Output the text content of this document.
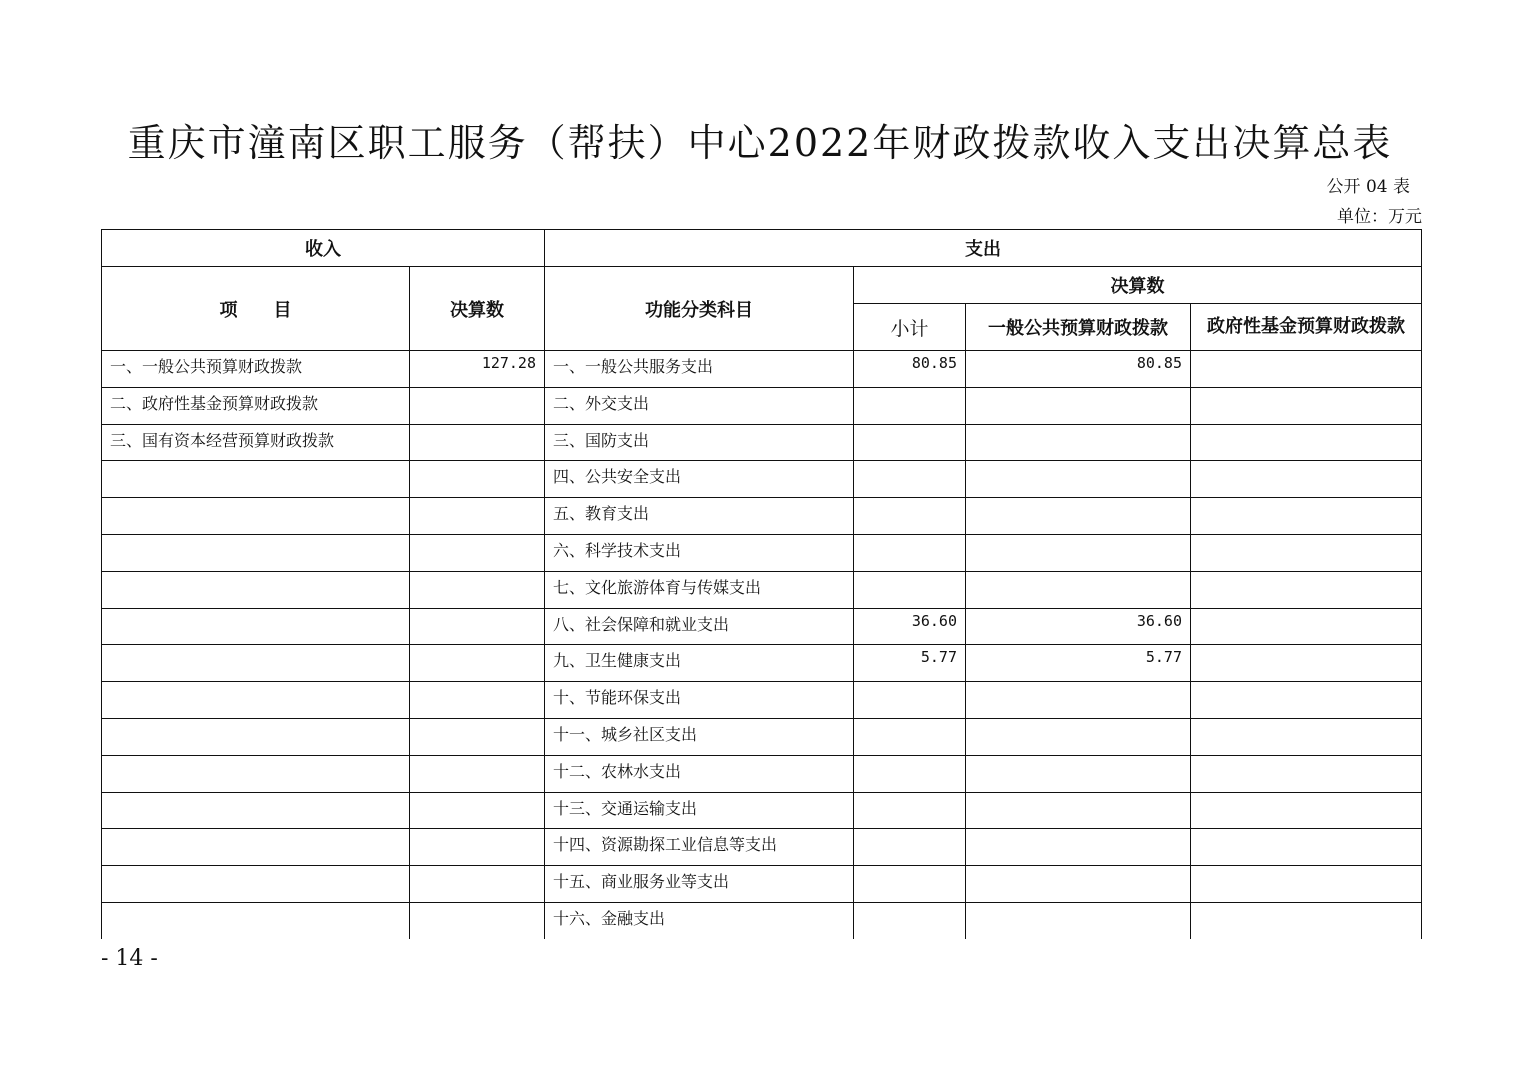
重庆市潼南区职工服务（帮扶）中心2022年财政拨款收入支出决算总表
公开 04 表
单位：万元
收入		支出			
项　　目	决算数	功能分类科目	决算数		
			小计	一般公共预算财政拨款	政府性基金预算财政拨款
一、一般公共预算财政拨款	127.28	一、一般公共服务支出	80.85	80.85	
二、政府性基金预算财政拨款		二、外交支出			
三、国有资本经营预算财政拨款		三、国防支出			
		四、公共安全支出			
		五、教育支出			
		六、科学技术支出			
		七、文化旅游体育与传媒支出			
		八、社会保障和就业支出	36.60	36.60	
		九、卫生健康支出	5.77	5.77	
		十、节能环保支出			
		十一、城乡社区支出			
		十二、农林水支出			
		十三、交通运输支出			
		十四、资源勘探工业信息等支出			
		十五、商业服务业等支出			
		十六、金融支出			
- 14 -
